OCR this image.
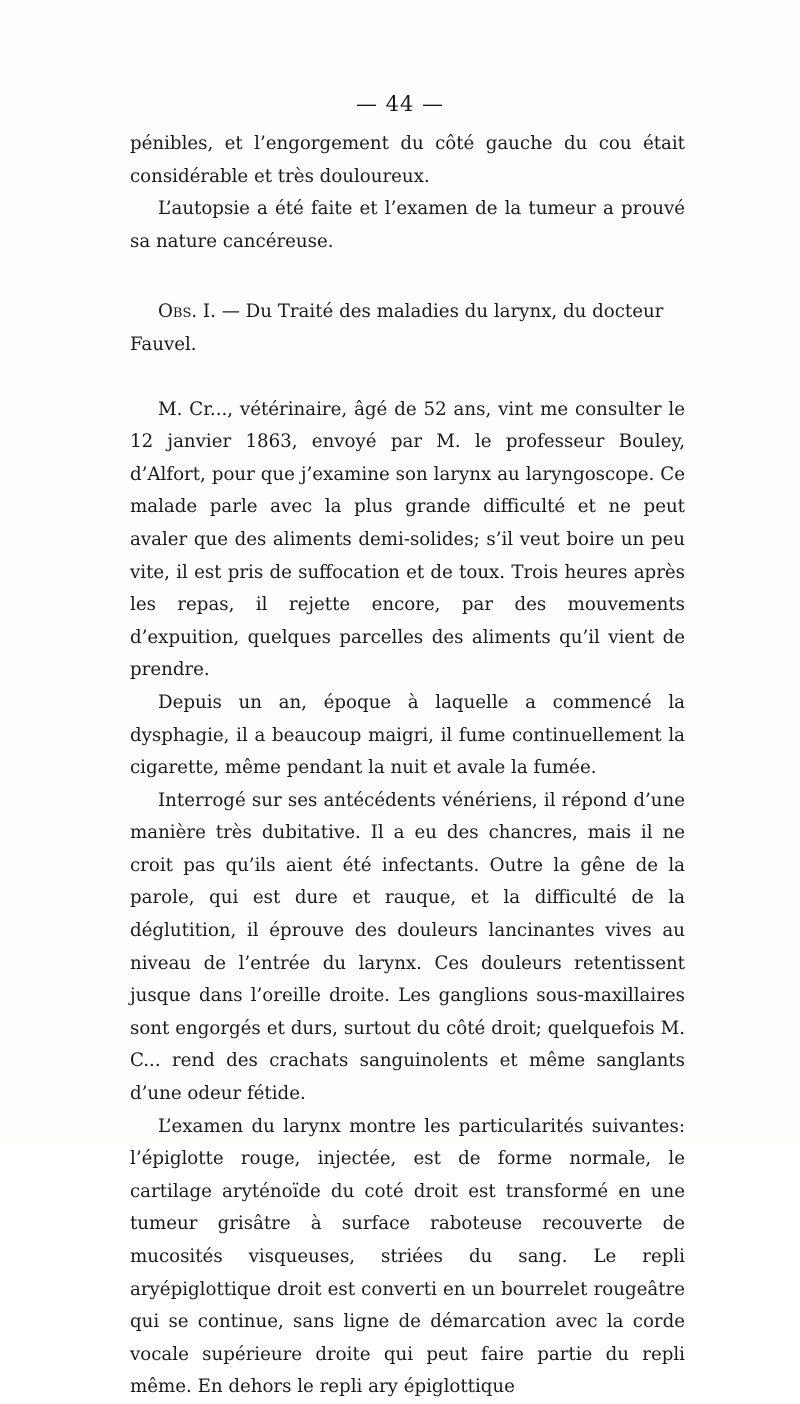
— 44 —

pénibles, et l’engorgement du côté gauche du cou était considérable et très douloureux.

L’autopsie a été faite et l’examen de la tumeur a prouvé sa nature cancéreuse.

Obs. I. — Du Traité des maladies du larynx, du docteur Fauvel.

M. Cr..., vétérinaire, âgé de 52 ans, vint me consulter le 12 janvier 1863, envoyé par M. le professeur Bouley, d’Alfort, pour que j’examine son larynx au laryngoscope. Ce malade parle avec la plus grande difficulté et ne peut avaler que des aliments demi-solides; s’il veut boire un peu vite, il est pris de suffocation et de toux. Trois heures après les repas, il rejette encore, par des mouvements d’expuition, quelques parcelles des aliments qu’il vient de prendre.

Depuis un an, époque à laquelle a commencé la dysphagie, il a beaucoup maigri, il fume continuellement la cigarette, même pendant la nuit et avale la fumée.

Interrogé sur ses antécédents vénériens, il répond d’une manière très dubitative. Il a eu des chancres, mais il ne croit pas qu’ils aient été infectants. Outre la gêne de la parole, qui est dure et rauque, et la difficulté de la déglutition, il éprouve des douleurs lancinantes vives au niveau de l’entrée du larynx. Ces douleurs retentissent jusque dans l’oreille droite. Les ganglions sous-maxillaires sont engorgés et durs, surtout du côté droit; quelquefois M. C... rend des crachats sanguinolents et même sanglants d’une odeur fétide.

L’examen du larynx montre les particularités suivantes: l’épiglotte rouge, injectée, est de forme normale, le cartilage aryténoïde du coté droit est transformé en une tumeur grisâtre à surface raboteuse recouverte de mucosités visqueuses, striées du sang. Le repli aryépiglottique droit est converti en un bourrelet rougeâtre qui se continue, sans ligne de démarcation avec la corde vocale supérieure droite qui peut faire partie du repli même. En dehors le repli ary épiglottique
